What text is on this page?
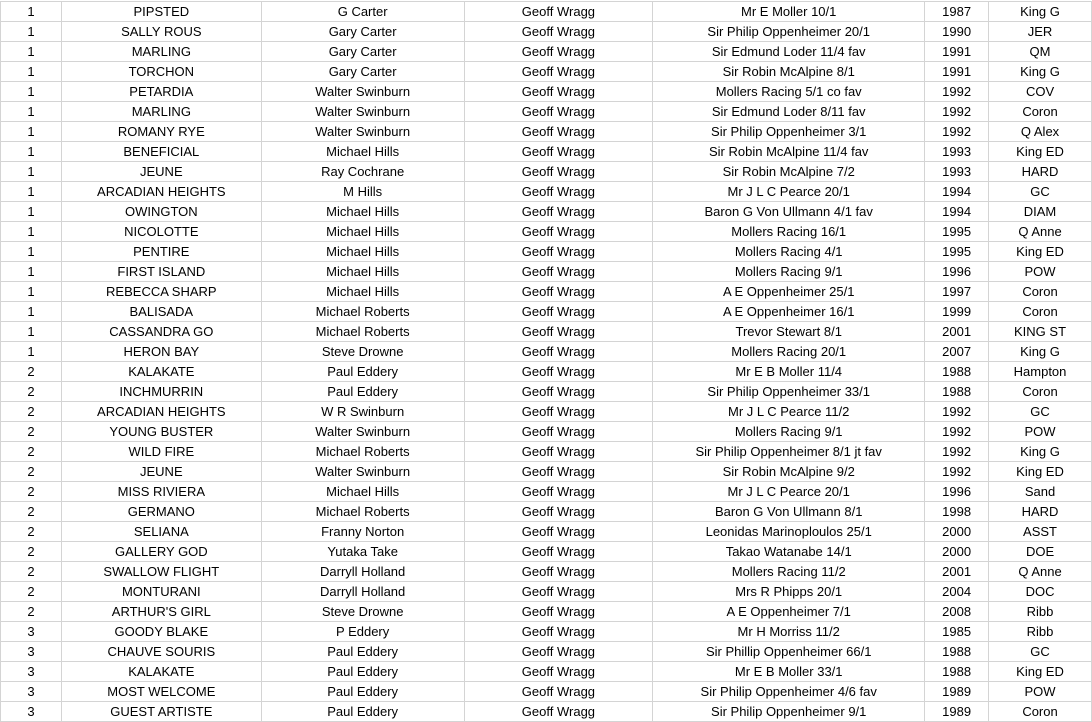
1	PIPSTED	G Carter	Geoff Wragg	Mr E Moller 10/1	1987	King G
1	SALLY ROUS	Gary Carter	Geoff Wragg	Sir Philip Oppenheimer 20/1	1990	JER
1	MARLING	Gary Carter	Geoff Wragg	Sir Edmund Loder 11/4 fav	1991	QM
1	TORCHON	Gary Carter	Geoff Wragg	Sir Robin McAlpine 8/1	1991	King G
1	PETARDIA	Walter Swinburn	Geoff Wragg	Mollers Racing 5/1 co fav	1992	COV
1	MARLING	Walter Swinburn	Geoff Wragg	Sir Edmund Loder 8/11 fav	1992	Coron
1	ROMANY RYE	Walter Swinburn	Geoff Wragg	Sir Philip Oppenheimer 3/1	1992	Q Alex
1	BENEFICIAL	Michael Hills	Geoff Wragg	Sir Robin McAlpine 11/4 fav	1993	King ED
1	JEUNE	Ray Cochrane	Geoff Wragg	Sir Robin McAlpine 7/2	1993	HARD
1	ARCADIAN HEIGHTS	M Hills	Geoff Wragg	Mr J L C Pearce 20/1	1994	GC
1	OWINGTON	Michael Hills	Geoff Wragg	Baron G Von Ullmann 4/1 fav	1994	DIAM
1	NICOLOTTE	Michael Hills	Geoff Wragg	Mollers Racing 16/1	1995	Q Anne
1	PENTIRE	Michael Hills	Geoff Wragg	Mollers Racing 4/1	1995	King ED
1	FIRST ISLAND	Michael Hills	Geoff Wragg	Mollers Racing 9/1	1996	POW
1	REBECCA SHARP	Michael Hills	Geoff Wragg	A E Oppenheimer 25/1	1997	Coron
1	BALISADA	Michael Roberts	Geoff Wragg	A E Oppenheimer 16/1	1999	Coron
1	CASSANDRA GO	Michael Roberts	Geoff Wragg	Trevor Stewart 8/1	2001	KING ST
1	HERON BAY	Steve Drowne	Geoff Wragg	Mollers Racing 20/1	2007	King G
2	KALAKATE	Paul Eddery	Geoff Wragg	Mr E B Moller 11/4	1988	Hampton
2	INCHMURRIN	Paul Eddery	Geoff Wragg	Sir Philip Oppenheimer 33/1	1988	Coron
2	ARCADIAN HEIGHTS	W R Swinburn	Geoff Wragg	Mr J L C Pearce 11/2	1992	GC
2	YOUNG BUSTER	Walter Swinburn	Geoff Wragg	Mollers Racing 9/1	1992	POW
2	WILD FIRE	Michael Roberts	Geoff Wragg	Sir Philip Oppenheimer 8/1 jt fav	1992	King G
2	JEUNE	Walter Swinburn	Geoff Wragg	Sir Robin McAlpine 9/2	1992	King ED
2	MISS RIVIERA	Michael Hills	Geoff Wragg	Mr J L C Pearce 20/1	1996	Sand
2	GERMANO	Michael Roberts	Geoff Wragg	Baron G Von Ullmann 8/1	1998	HARD
2	SELIANA	Franny Norton	Geoff Wragg	Leonidas Marinoploulos 25/1	2000	ASST
2	GALLERY GOD	Yutaka Take	Geoff Wragg	Takao Watanabe 14/1	2000	DOE
2	SWALLOW FLIGHT	Darryll Holland	Geoff Wragg	Mollers Racing 11/2	2001	Q Anne
2	MONTURANI	Darryll Holland	Geoff Wragg	Mrs R Phipps 20/1	2004	DOC
2	ARTHUR'S GIRL	Steve Drowne	Geoff Wragg	A E Oppenheimer 7/1	2008	Ribb
3	GOODY BLAKE	P Eddery	Geoff Wragg	Mr H Morriss 11/2	1985	Ribb
3	CHAUVE SOURIS	Paul Eddery	Geoff Wragg	Sir Phillip Oppenheimer 66/1	1988	GC
3	KALAKATE	Paul Eddery	Geoff Wragg	Mr E B Moller 33/1	1988	King ED
3	MOST WELCOME	Paul Eddery	Geoff Wragg	Sir Philip Oppenheimer 4/6 fav	1989	POW
3	GUEST ARTISTE	Paul Eddery	Geoff Wragg	Sir Philip Oppenheimer 9/1	1989	Coron
